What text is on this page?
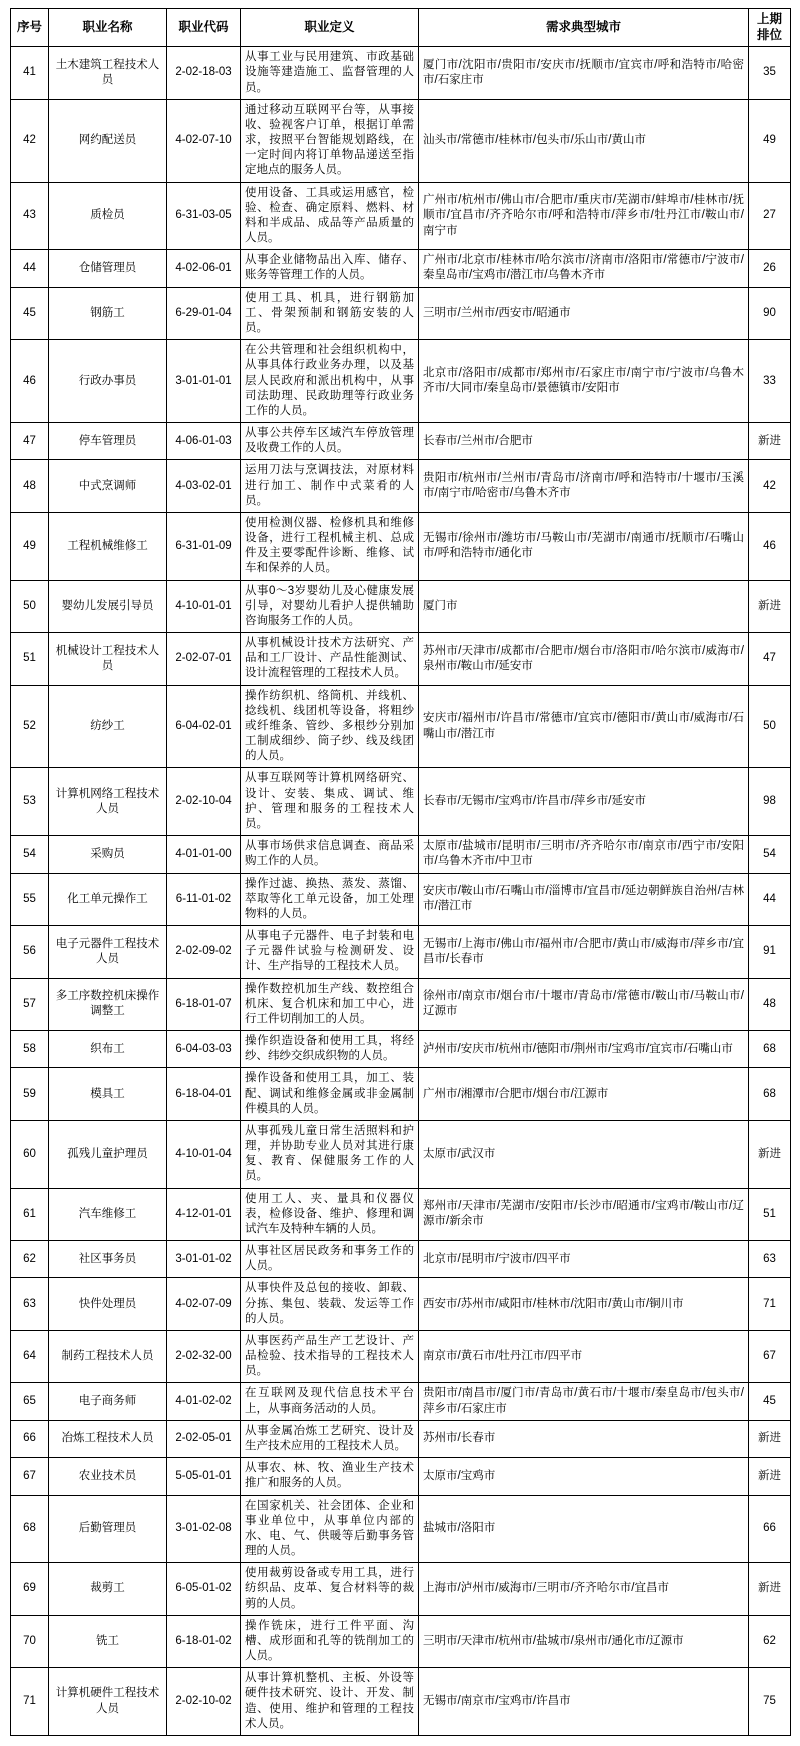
序号	职业名称	职业代码	职业定义	需求典型城市	上期
排位

41	土木建筑工程技术人员	2-02-18-03	从事工业与民用建筑、市政基础设施等建造施工、监督管理的人员。	厦门市/沈阳市/贵阳市/安庆市/抚顺市/宜宾市/呼和浩特市/哈密市/石家庄市	35
42	网约配送员	4-02-07-10	通过移动互联网平台等，从事接收、验视客户订单，根据订单需求，按照平台智能规划路线，在一定时间内将订单物品递送至指定地点的服务人员。	汕头市/常德市/桂林市/包头市/乐山市/黄山市	49
43	质检员	6-31-03-05	使用设备、工具或运用感官，检验、检查、确定原料、燃料、材料和半成品、成品等产品质量的人员。	广州市/杭州市/佛山市/合肥市/重庆市/芜湖市/蚌埠市/桂林市/抚顺市/宜昌市/齐齐哈尔市/呼和浩特市/萍乡市/牡丹江市/鞍山市/南宁市	27
44	仓储管理员	4-02-06-01	从事企业储物品出入库、储存、账务等管理工作的人员。	广州市/北京市/桂林市/哈尔滨市/济南市/洛阳市/常德市/宁波市/秦皇岛市/宝鸡市/潜江市/乌鲁木齐市	26
45	钢筋工	6-29-01-04	使用工具、机具，进行钢筋加工、骨架预制和钢筋安装的人员。	三明市/兰州市/西安市/昭通市	90
46	行政办事员	3-01-01-01	在公共管理和社会组织机构中，从事具体行政业务办理，以及基层人民政府和派出机构中，从事司法助理、民政助理等行政业务工作的人员。	北京市/洛阳市/成都市/郑州市/石家庄市/南宁市/宁波市/乌鲁木齐市/大同市/秦皇岛市/景德镇市/安阳市	33
47	停车管理员	4-06-01-03	从事公共停车区域汽车停放管理及收费工作的人员。	长春市/兰州市/合肥市	新进
48	中式烹调师	4-03-02-01	运用刀法与烹调技法，对原材料进行加工、制作中式菜肴的人员。	贵阳市/杭州市/兰州市/青岛市/济南市/呼和浩特市/十堰市/玉溪市/南宁市/哈密市/乌鲁木齐市	42
49	工程机械维修工	6-31-01-09	使用检测仪器、检修机具和维修设备，进行工程机械主机、总成件及主要零配件诊断、维修、试车和保养的人员。	无锡市/徐州市/潍坊市/马鞍山市/芜湖市/南通市/抚顺市/石嘴山市/呼和浩特市/通化市	46
50	婴幼儿发展引导员	4-10-01-01	从事0～3岁婴幼儿及心健康发展引导，对婴幼儿看护人提供辅助咨询服务工作的人员。	厦门市	新进
51	机械设计工程技术人员	2-02-07-01	从事机械设计技术方法研究、产品和工厂设计、产品性能测试、设计流程管理的工程技术人员。	苏州市/天津市/成都市/合肥市/烟台市/洛阳市/哈尔滨市/威海市/泉州市/鞍山市/延安市	47
52	纺纱工	6-04-02-01	操作纺织机、络筒机、并线机、捻线机、线团机等设备，将粗纱或纤维条、管纱、多根纱分别加工制成细纱、筒子纱、线及线团的人员。	安庆市/福州市/许昌市/常德市/宜宾市/德阳市/黄山市/威海市/石嘴山市/潜江市	50
53	计算机网络工程技术人员	2-02-10-04	从事互联网等计算机网络研究、设计、安装、集成、调试、维护、管理和服务的工程技术人员。	长春市/无锡市/宝鸡市/许昌市/萍乡市/延安市	98
54	采购员	4-01-01-00	从事市场供求信息调查、商品采购工作的人员。	太原市/盐城市/昆明市/三明市/齐齐哈尔市/南京市/西宁市/安阳市/乌鲁木齐市/中卫市	54
55	化工单元操作工	6-11-01-02	操作过滤、换热、蒸发、蒸馏、萃取等化工单元设备，加工处理物料的人员。	安庆市/鞍山市/石嘴山市/淄博市/宜昌市/延边朝鲜族自治州/吉林市/潜江市	44
56	电子元器件工程技术人员	2-02-09-02	从事电子元器件、电子封装和电子元器件试验与检测研发、设计、生产指导的工程技术人员。	无锡市/上海市/佛山市/福州市/合肥市/黄山市/威海市/萍乡市/宜昌市/长春市	91
57	多工序数控机床操作调整工	6-18-01-07	操作数控机加生产线、数控组合机床、复合机床和加工中心，进行工件切削加工的人员。	徐州市/南京市/烟台市/十堰市/青岛市/常德市/鞍山市/马鞍山市/辽源市	48
58	织布工	6-04-03-03	操作织造设备和使用工具，将经纱、纬纱交织成织物的人员。	泸州市/安庆市/杭州市/德阳市/荆州市/宝鸡市/宜宾市/石嘴山市	68
59	模具工	6-18-04-01	操作设备和使用工具，加工、装配、调试和维修金属或非金属制件模具的人员。	广州市/湘潭市/合肥市/烟台市/江源市	68
60	孤残儿童护理员	4-10-01-04	从事孤残儿童日常生活照料和护理，并协助专业人员对其进行康复、教育、保健服务工作的人员。	太原市/武汉市	新进
61	汽车维修工	4-12-01-01	使用工人、夹、量具和仪器仪表，检修设备、维护、修理和调试汽车及特种车辆的人员。	郑州市/天津市/芜湖市/安阳市/长沙市/昭通市/宝鸡市/鞍山市/辽源市/新余市	51
62	社区事务员	3-01-01-02	从事社区居民政务和事务工作的人员。	北京市/昆明市/宁波市/四平市	63
63	快件处理员	4-02-07-09	从事快件及总包的接收、卸载、分拣、集包、装载、发运等工作的人员。	西安市/苏州市/咸阳市/桂林市/沈阳市/黄山市/铜川市	71
64	制药工程技术人员	2-02-32-00	从事医药产品生产工艺设计、产品检验、技术指导的工程技术人员。	南京市/黄石市/牡丹江市/四平市	67
65	电子商务师	4-01-02-02	在互联网及现代信息技术平台上，从事商务活动的人员。	贵阳市/南昌市/厦门市/青岛市/黄石市/十堰市/秦皇岛市/包头市/萍乡市/石家庄市	45
66	冶炼工程技术人员	2-02-05-01	从事金属冶炼工艺研究、设计及生产技术应用的工程技术人员。	苏州市/长春市	新进
67	农业技术员	5-05-01-01	从事农、林、牧、渔业生产技术推广和服务的人员。	太原市/宝鸡市	新进
68	后勤管理员	3-01-02-08	在国家机关、社会团体、企业和事业单位中，从事单位内部的水、电、气、供暖等后勤事务管理的人员。	盐城市/洛阳市	66
69	裁剪工	6-05-01-02	使用裁剪设备或专用工具，进行纺织品、皮革、复合材料等的裁剪的人员。	上海市/泸州市/威海市/三明市/齐齐哈尔市/宜昌市	新进
70	铣工	6-18-01-02	操作铣床，进行工件平面、沟槽、成形面和孔等的铣削加工的人员。	三明市/天津市/杭州市/盐城市/泉州市/通化市/辽源市	62
71	计算机硬件工程技术人员	2-02-10-02	从事计算机整机、主板、外设等硬件技术研究、设计、开发、制造、使用、维护和管理的工程技术人员。	无锡市/南京市/宝鸡市/许昌市	75
